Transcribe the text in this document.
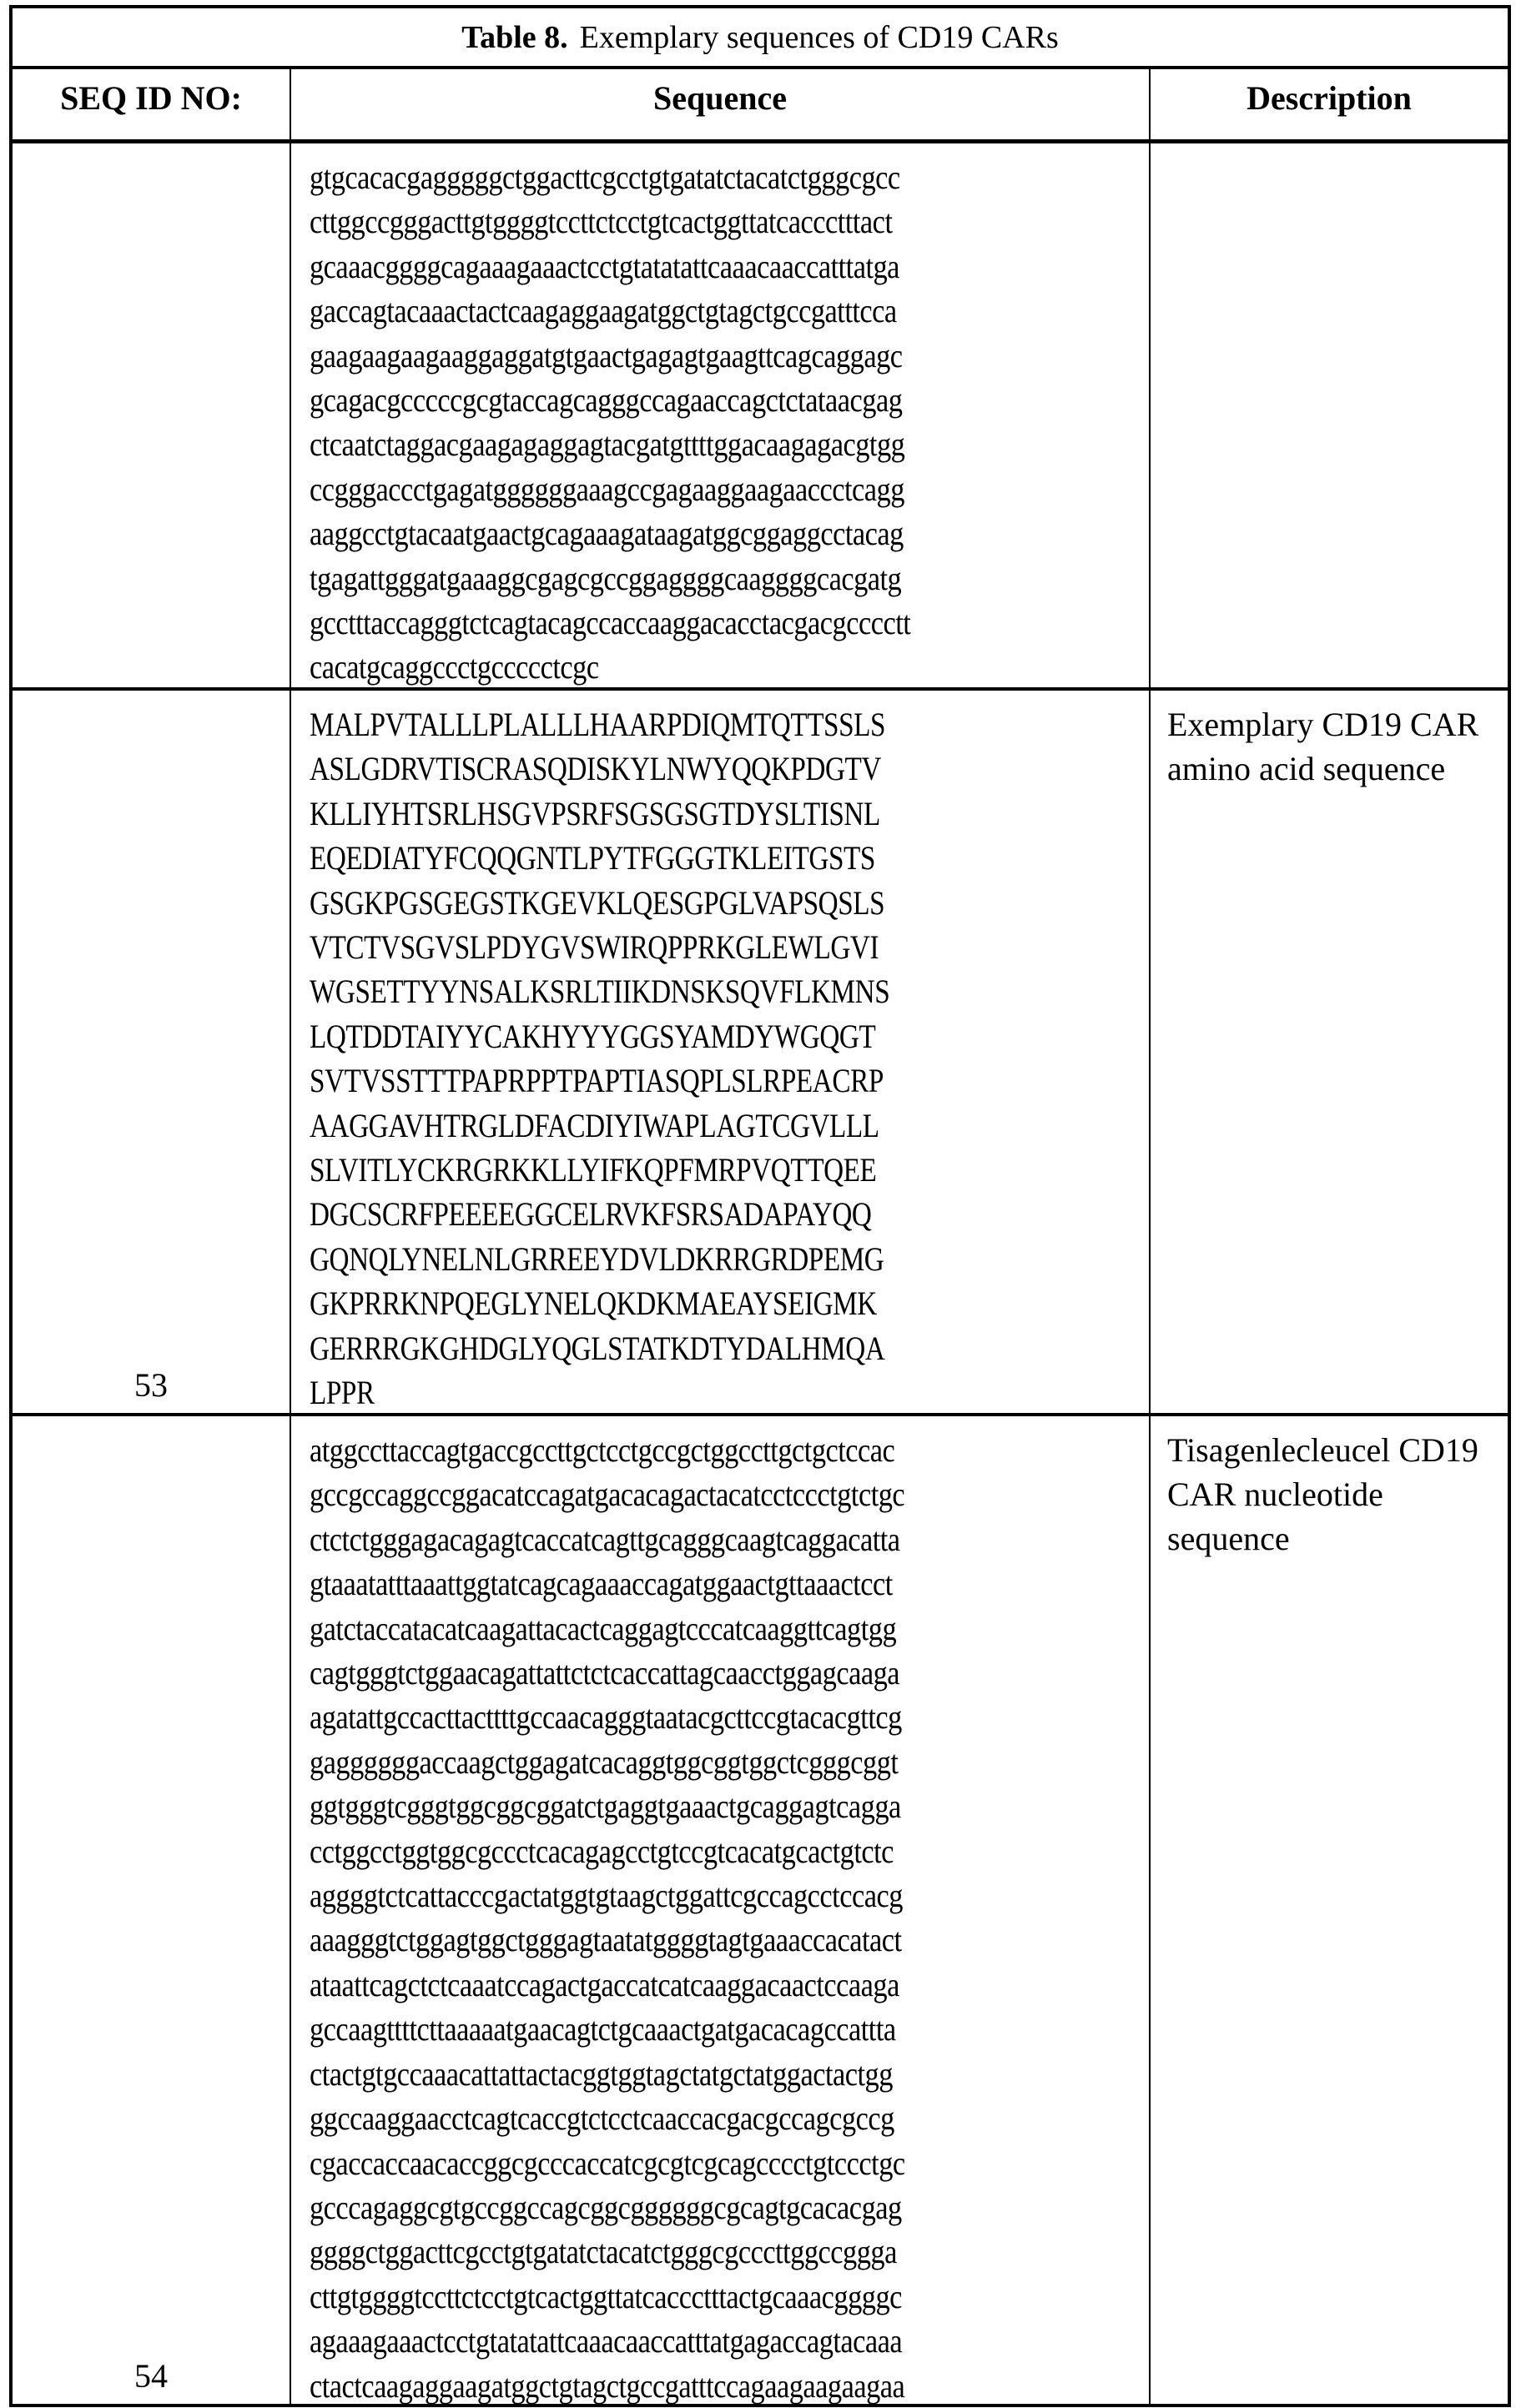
Table 8. Exemplary sequences of CD19 CARs
SEQ ID NO:	Sequence	Description
gtgcacacgagggggctggacttcgcctgtgatatctacatctgggcgcc
cttggccgggacttgtggggtccttctcctgtcactggttatcaccctttact
gcaaacggggcagaaagaaactcctgtatatattcaaacaaccatttatga
gaccagtacaaactactcaagaggaagatggctgtagctgccgatttcca
gaagaagaagaaggaggatgtgaactgagagtgaagttcagcaggagc
gcagacgcccccgcgtaccagcagggccagaaccagctctataacgag
ctcaatctaggacgaagagaggagtacgatgttttggacaagagacgtgg
ccgggaccctgagatggggggaaagccgagaaggaagaaccctcagg
aaggcctgtacaatgaactgcagaaagataagatggcggaggcctacag
tgagattgggatgaaaggcgagcgccggaggggcaaggggcacgatg
gcctttaccagggtctcagtacagccaccaaggacacctacgacgcccctt
cacatgcaggccctgccccctcgc
53
MALPVTALLLPLALLLHAARPDIQMTQTTSSLS
ASLGDRVTISCRASQDISKYLNWYQQKPDGTV
KLLIYHTSRLHSGVPSRFSGSGSGTDYSLTISNL
EQEDIATYFCQQGNTLPYTFGGGTKLEITGSTS
GSGKPGSGEGSTKGEVKLQESGPGLVAPSQSLS
VTCTVSGVSLPDYGVSWIRQPPRKGLEWLGVI
WGSETTYYNSALKSRLTIIKDNSKSQVFLKMNS
LQTDDTAIYYCAKHYYYGGSYAMDYWGQGT
SVTVSSTTTPAPRPPTPAPTIASQPLSLRPEACRP
AAGGAVHTRGLDFACDIYIWAPLAGTCGVLLL
SLVITLYCKRGRKKLLYIFKQPFMRPVQTTQEE
DGCSCRFPEEEEGGCELRVKFSRSADAPAYQQ
GQNQLYNELNLGRREEYDVLDKRRGRDPEMG
GKPRRKNPQEGLYNELQKDKMAEAYSEIGMK
GERRRGKGHDGLYQGLSTATKDTYDALHMQA
LPPR
Exemplary CD19 CAR amino acid sequence
54
atggccttaccagtgaccgccttgctcctgccgctggccttgctgctccac
gccgccaggccggacatccagatgacacagactacatcctccctgtctgc
ctctctgggagacagagtcaccatcagttgcagggcaagtcaggacatta
gtaaatatttaaattggtatcagcagaaaccagatggaactgttaaactcct
gatctaccatacatcaagattacactcaggagtcccatcaaggttcagtgg
cagtgggtctggaacagattattctctcaccattagcaacctggagcaaga
agatattgccacttacttttgccaacagggtaatacgcttccgtacacgttcg
gaggggggaccaagctggagatcacaggtggcggtggctcgggcggt
ggtgggtcgggtggcggcggatctgaggtgaaactgcaggagtcagga
cctggcctggtggcgccctcacagagcctgtccgtcacatgcactgtctc
aggggtctcattacccgactatggtgtaagctggattcgccagcctccacg
aaagggtctggagtggctgggagtaatatggggtagtgaaaccacatact
ataattcagctctcaaatccagactgaccatcatcaaggacaactccaaga
gccaagttttcttaaaaatgaacagtctgcaaactgatgacacagccattta
ctactgtgccaaacattattactacggtggtagctatgctatggactactgg
ggccaaggaacctcagtcaccgtctcctcaaccacgacgccagcgccg
cgaccaccaacaccggcgcccaccatcgcgtcgcagcccctgtccctgc
gcccagaggcgtgccggccagcggcggggggcgcagtgcacacgag
ggggctggacttcgcctgtgatatctacatctgggcgcccttggccggga
cttgtggggtccttctcctgtcactggttatcaccctttactgcaaacggggc
agaaagaaactcctgtatatattcaaacaaccatttatgagaccagtacaaa
ctactcaagaggaagatggctgtagctgccgatttccagaagaagaagaa
Tisagenlecleucel CD19 CAR nucleotide sequence
